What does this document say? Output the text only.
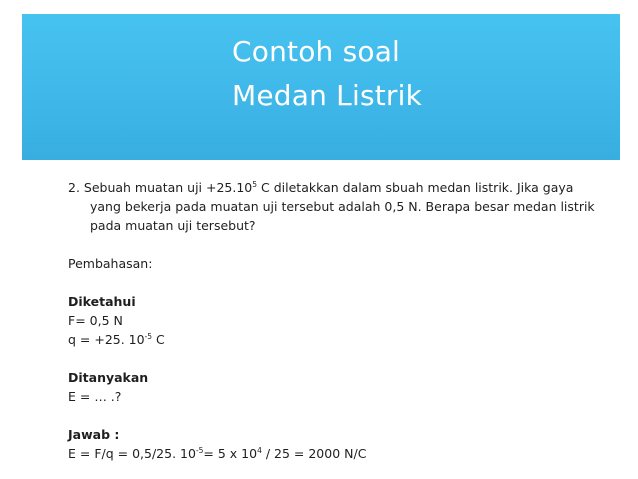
Contoh soal
Medan Listrik

2. Sebuah muatan uji $+25.10^5$ C diletakkan dalam sbuah medan listrik. Jika gaya yang bekerja pada muatan uji tersebut adalah 0,5 N. Berapa besar medan listrik pada muatan uji tersebut?

Pembahasan:

Diketahui

F= 0,5 N

q = +25. $10^{-5}$ C

Ditanyakan

E = … .?

Jawab :

E = F/q = 0,5/25. $10^{-5}= 5$ x $10^4 / 25 = 2000$ N/C
